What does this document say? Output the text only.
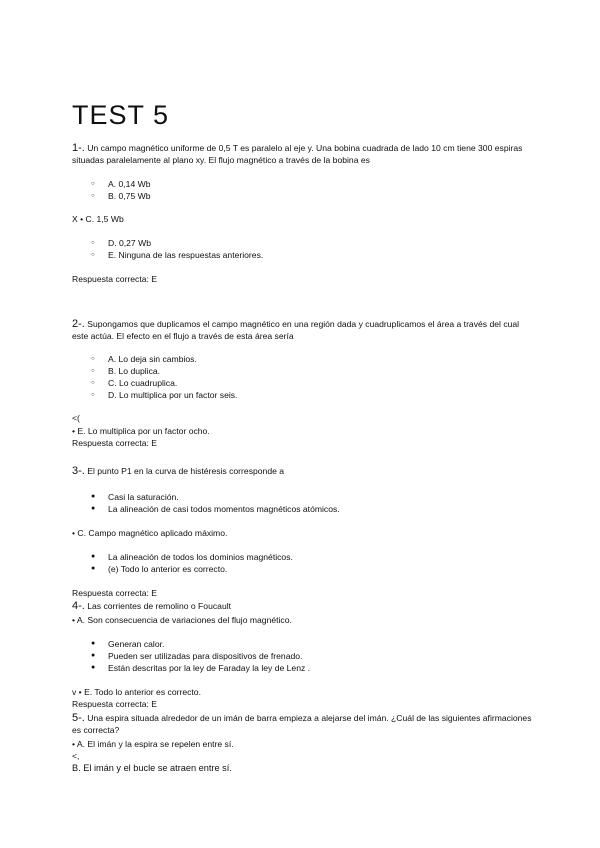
TEST 5
1-. Un campo magnético uniforme de 0,5 T es paralelo al eje y. Una bobina cuadrada de lado 10 cm tiene 300 espiras situadas paralelamente al plano xy. El flujo magnético a través de la bobina es
○ A. 0,14 Wb
○ B. 0,75 Wb
X • C. 1,5 Wb
○ D. 0,27 Wb
○ E. Ninguna de las respuestas anteriores.
Respuesta correcta: E
2-. Supongamos que duplicamos el campo magnético en una región dada y cuadruplicamos el área a través del cual este actúa. El efecto en el flujo a través de esta área sería
○ A. Lo deja sin cambios.
○ B. Lo duplica.
○ C. Lo cuadruplica.
○ D. Lo multiplica por un factor seis.
<(
• E. Lo multiplica por un factor ocho.
Respuesta correcta: E
3-. El punto P1 en la curva de histéresis corresponde a
● Casi la saturación.
● La alineación de casi todos momentos magnéticos atómicos.
• C. Campo magnético aplicado máximo.
● La alineación de todos los dominios magnéticos.
● (e) Todo lo anterior es correcto.
Respuesta correcta: E
4-. Las corrientes de remolino o Foucault
• A. Son consecuencia de variaciones del flujo magnético.
● Generan calor.
● Pueden ser utilizadas para dispositivos de frenado.
● Están descritas por la ley de Faraday la ley de Lenz .
v • E. Todo lo anterior es correcto.
Respuesta correcta: E
5-. Una espira situada alrededor de un imán de barra empieza a alejarse del imán. ¿Cuál de las siguientes afirmaciones es correcta?
• A. El imán y la espira se repelen entre sí.
<,
B. El imán y el bucle se atraen entre sí.
